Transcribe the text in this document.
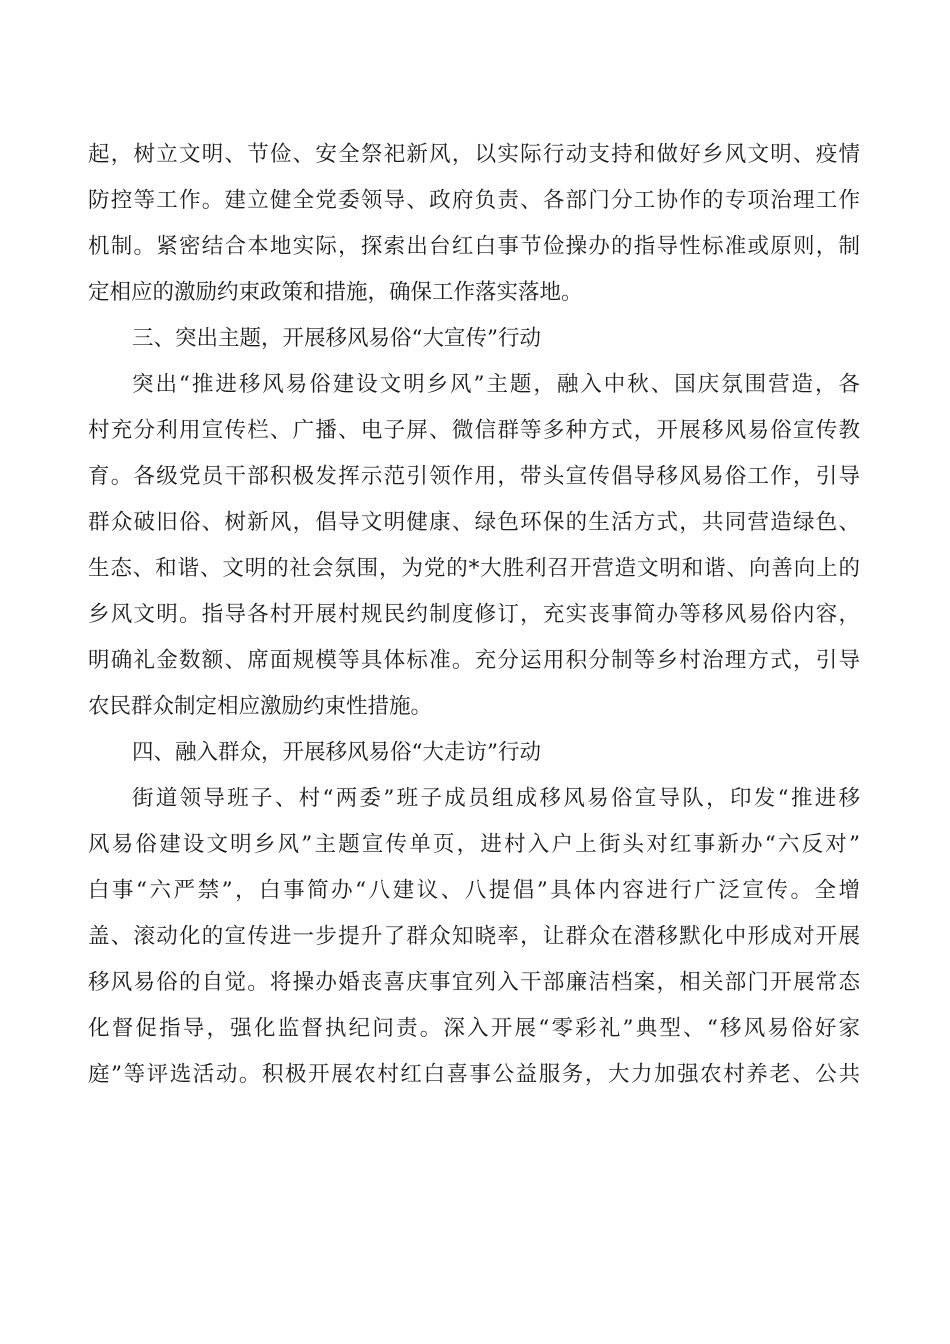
起，树立文明、节俭、安全祭祀新风，以实际行动支持和做好乡风文明、疫情
防控等工作。建立健全党委领导、政府负责、各部门分工协作的专项治理工作
机制。紧密结合本地实际，探索出台红白事节俭操办的指导性标准或原则，制
定相应的激励约束政策和措施，确保工作落实落地。
三、突出主题，开展移风易俗“大宣传”行动
突出“推进移风易俗建设文明乡风”主题，融入中秋、国庆氛围营造，各
村充分利用宣传栏、广播、电子屏、微信群等多种方式，开展移风易俗宣传教
育。各级党员干部积极发挥示范引领作用，带头宣传倡导移风易俗工作，引导
群众破旧俗、树新风，倡导文明健康、绿色环保的生活方式，共同营造绿色、
生态、和谐、文明的社会氛围，为党的*大胜利召开营造文明和谐、向善向上的
乡风文明。指导各村开展村规民约制度修订，充实丧事简办等移风易俗内容，
明确礼金数额、席面规模等具体标准。充分运用积分制等乡村治理方式，引导
农民群众制定相应激励约束性措施。
四、融入群众，开展移风易俗“大走访”行动
街道领导班子、村“两委”班子成员组成移风易俗宣导队，印发“推进移
风易俗建设文明乡风”主题宣传单页，进村入户上街头对红事新办“六反对”
白事“六严禁”，白事简办“八建议、八提倡”具体内容进行广泛宣传。全增
盖、滚动化的宣传进一步提升了群众知晓率，让群众在潜移默化中形成对开展
移风易俗的自觉。将操办婚丧喜庆事宜列入干部廉洁档案，相关部门开展常态
化督促指导，强化监督执纪问责。深入开展“零彩礼”典型、“移风易俗好家
庭”等评选活动。积极开展农村红白喜事公益服务，大力加强农村养老、公共
